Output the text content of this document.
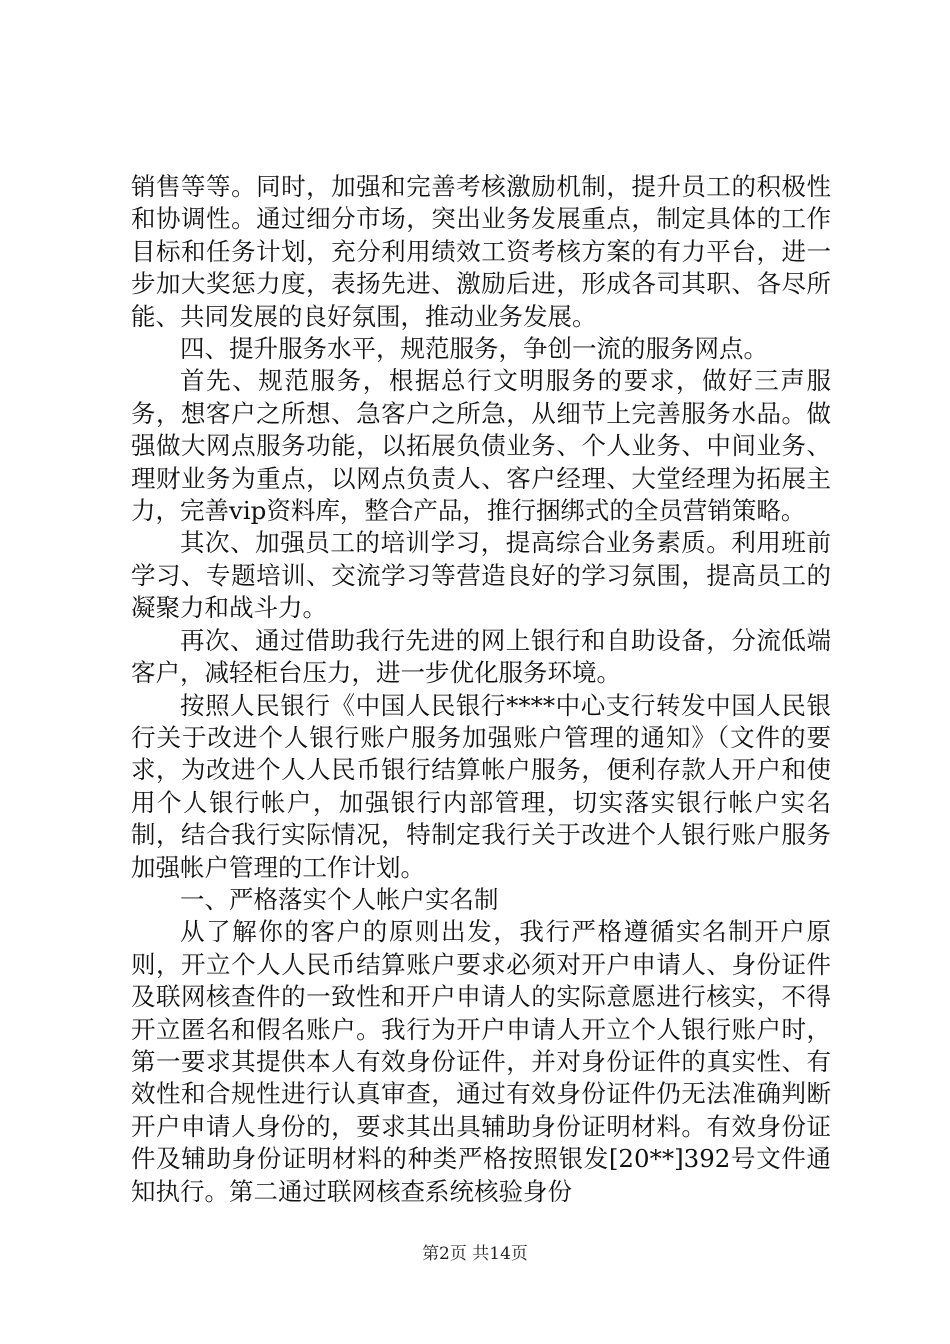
销售等等。同时，加强和完善考核激励机制，提升员工的积极性和协调性。通过细分市场，突出业务发展重点，制定具体的工作目标和任务计划，充分利用绩效工资考核方案的有力平台，进一步加大奖惩力度，表扬先进、激励后进，形成各司其职、各尽所能、共同发展的良好氛围，推动业务发展。

四、提升服务水平，规范服务，争创一流的服务网点。

首先、规范服务，根据总行文明服务的要求，做好三声服务，想客户之所想、急客户之所急，从细节上完善服务水品。做强做大网点服务功能，以拓展负债业务、个人业务、中间业务、理财业务为重点，以网点负责人、客户经理、大堂经理为拓展主力，完善vip资料库，整合产品，推行捆绑式的全员营销策略。

其次、加强员工的培训学习，提高综合业务素质。利用班前学习、专题培训、交流学习等营造良好的学习氛围，提高员工的凝聚力和战斗力。

再次、通过借助我行先进的网上银行和自助设备，分流低端客户，减轻柜台压力，进一步优化服务环境。

按照人民银行《中国人民银行****中心支行转发中国人民银行关于改进个人银行账户服务加强账户管理的通知》（文件的要求，为改进个人人民币银行结算帐户服务，便利存款人开户和使用个人银行帐户，加强银行内部管理，切实落实银行帐户实名制，结合我行实际情况，特制定我行关于改进个人银行账户服务加强帐户管理的工作计划。

一、严格落实个人帐户实名制

从了解你的客户的原则出发，我行严格遵循实名制开户原则，开立个人人民币结算账户要求必须对开户申请人、身份证件及联网核查件的一致性和开户申请人的实际意愿进行核实，不得开立匿名和假名账户。我行为开户申请人开立个人银行账户时，第一要求其提供本人有效身份证件，并对身份证件的真实性、有效性和合规性进行认真审查，通过有效身份证件仍无法准确判断开户申请人身份的，要求其出具辅助身份证明材料。有效身份证件及辅助身份证明材料的种类严格按照银发[20**]392号文件通知执行。第二通过联网核查系统核验身份

第2页 共14页
